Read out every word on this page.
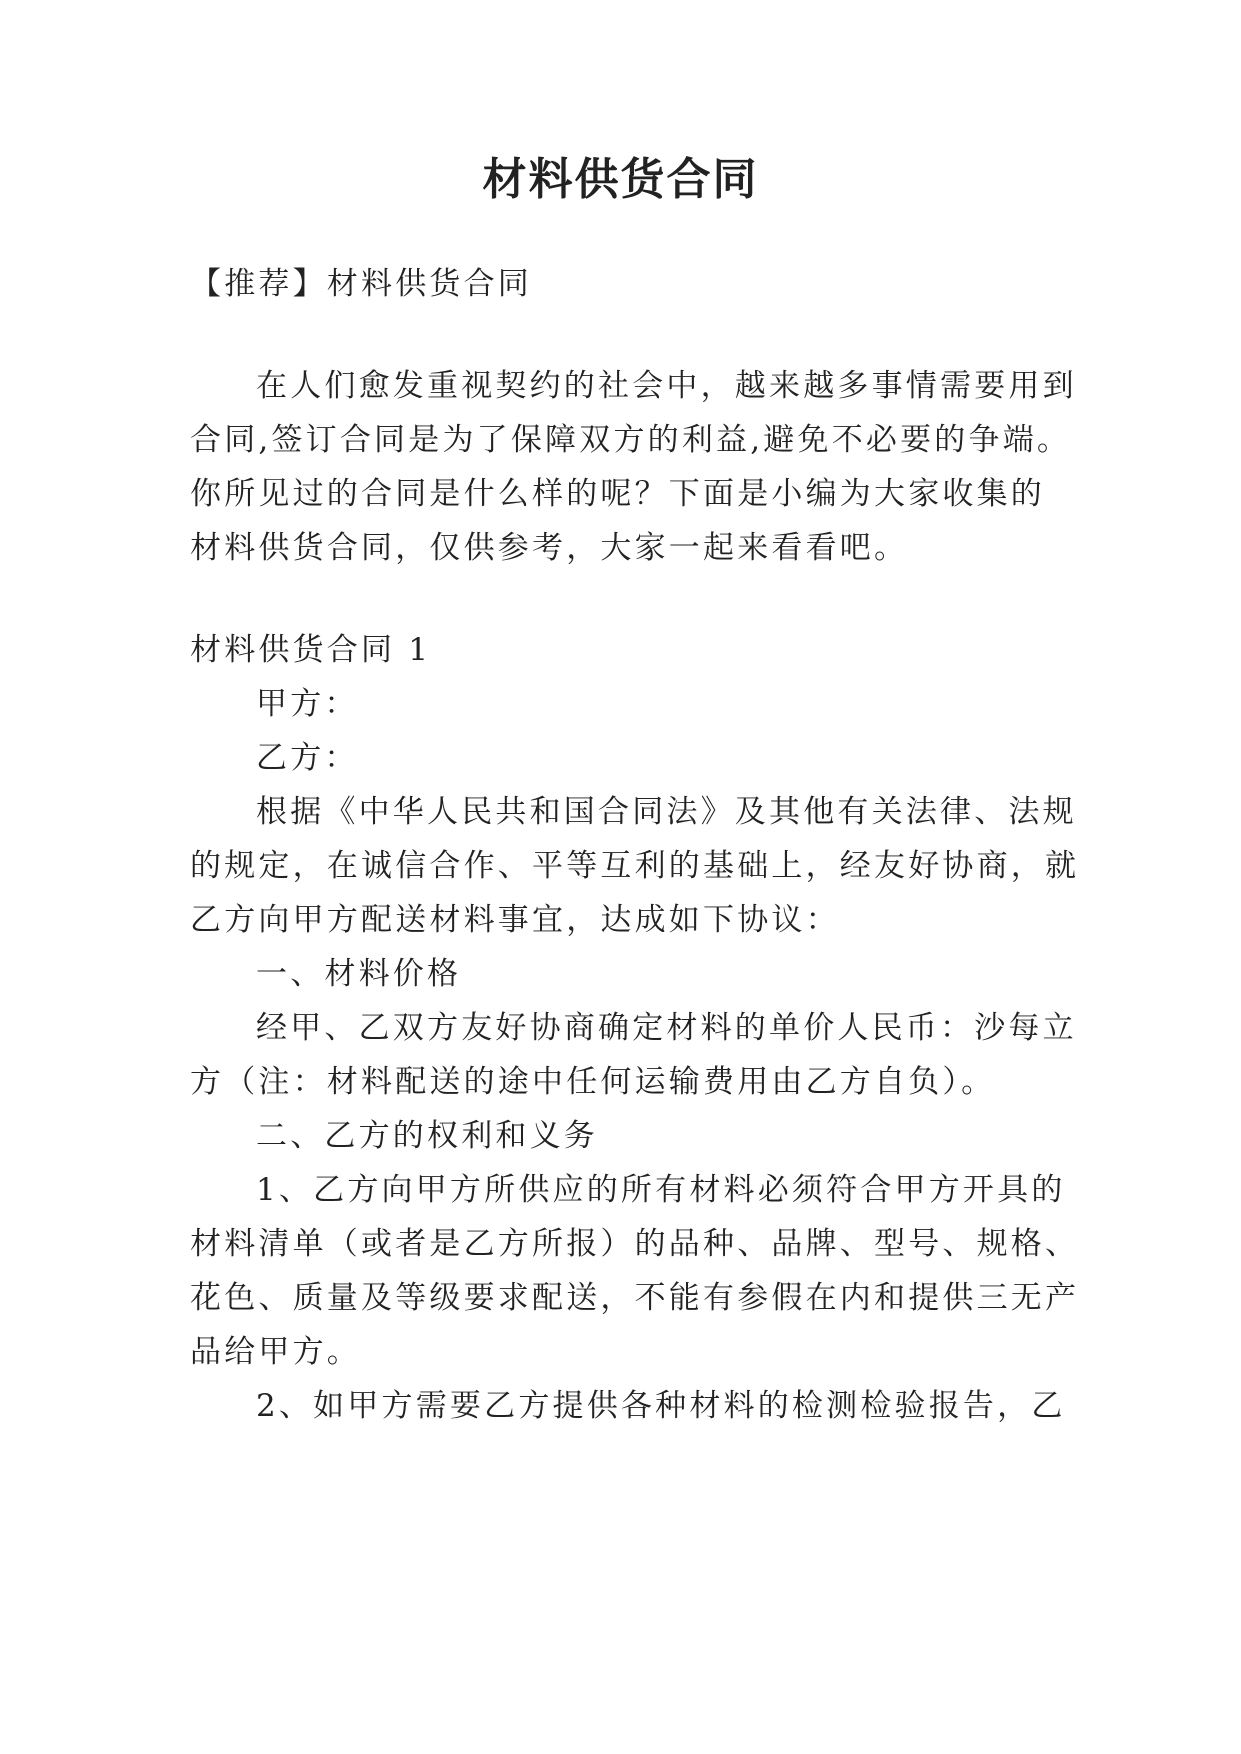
材料供货合同

【推荐】材料供货合同

在人们愈发重视契约的社会中，越来越多事情需要用到

合同,签订合同是为了保障双方的利益,避免不必要的争端。

你所见过的合同是什么样的呢？下面是小编为大家收集的

材料供货合同，仅供参考，大家一起来看看吧。

材料供货合同 1

甲方：

乙方：

根据《中华人民共和国合同法》及其他有关法律、法规

的规定，在诚信合作、平等互利的基础上，经友好协商，就

乙方向甲方配送材料事宜，达成如下协议：

一、材料价格

经甲、乙双方友好协商确定材料的单价人民币：沙每立

方（注：材料配送的途中任何运输费用由乙方自负）。

二、乙方的权利和义务

1、乙方向甲方所供应的所有材料必须符合甲方开具的

材料清单（或者是乙方所报）的品种、品牌、型号、规格、

花色、质量及等级要求配送，不能有参假在内和提供三无产

品给甲方。

2、如甲方需要乙方提供各种材料的检测检验报告，乙
